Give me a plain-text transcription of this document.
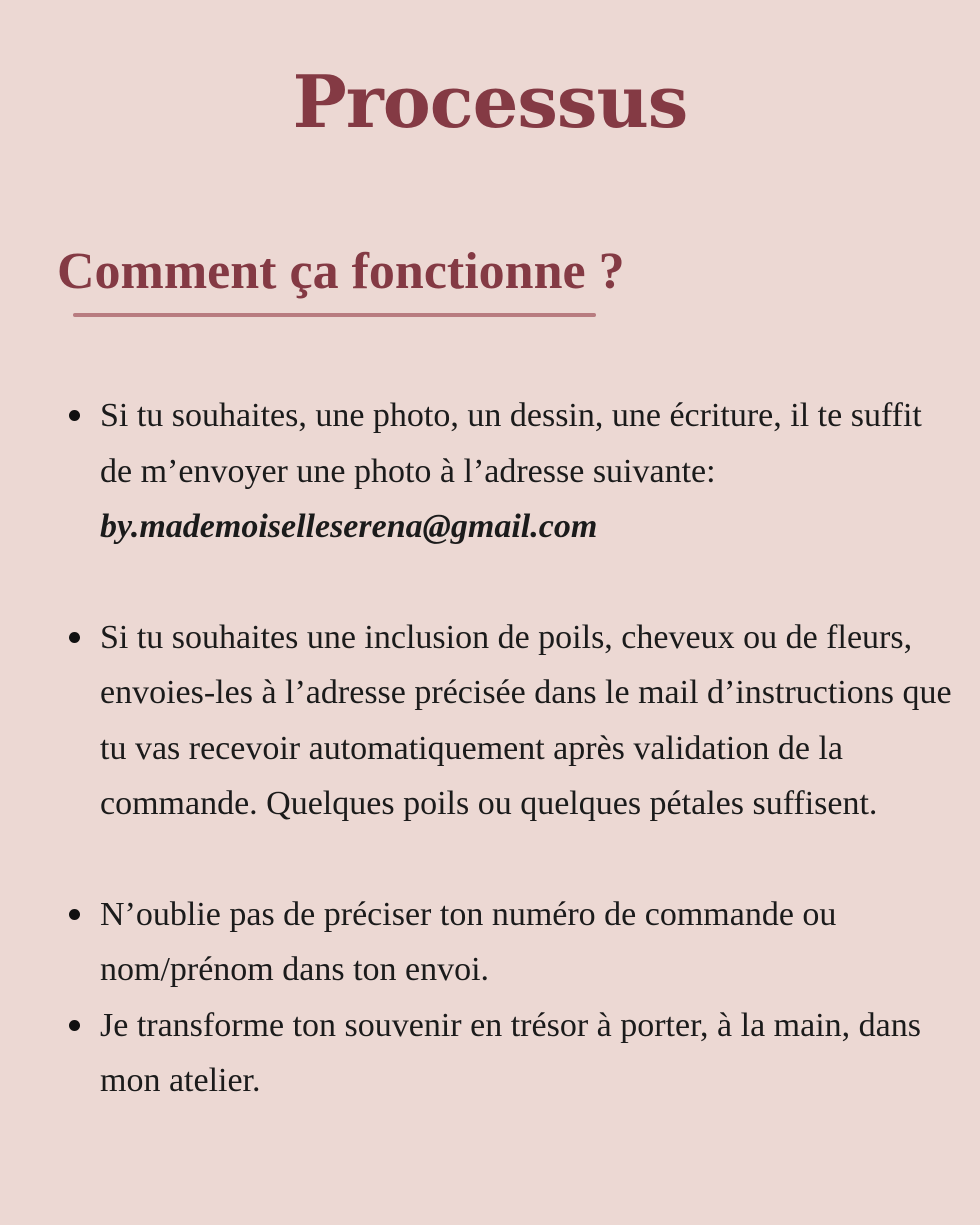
Processus
Comment ça fonctionne ?
Si tu souhaites, une photo, un dessin, une écriture, il te suffit de m’envoyer une photo à l’adresse suivante:
by.mademoiselleserena@gmail.com
Si tu souhaites une inclusion de poils, cheveux ou de fleurs, envoies-les à l’adresse précisée dans le mail d’instructions que tu vas recevoir automatiquement après validation de la commande. Quelques poils ou quelques pétales suffisent.
N’oublie pas de préciser ton numéro de commande ou nom/prénom dans ton envoi.
Je transforme ton souvenir en trésor à porter, à la main, dans mon atelier.
